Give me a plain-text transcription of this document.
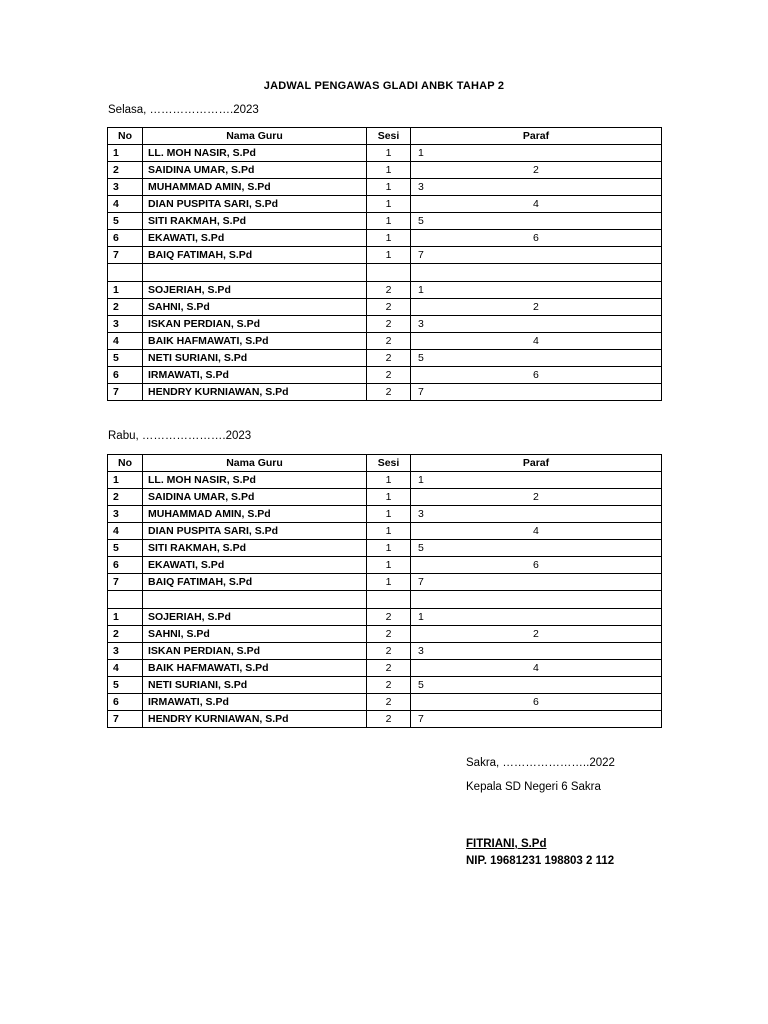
JADWAL PENGAWAS GLADI ANBK TAHAP 2
Selasa, ………………….2023
No	Nama Guru	Sesi	Paraf
1	LL. MOH NASIR, S.Pd	1	1

2	SAIDINA UMAR, S.Pd	1	2

3	MUHAMMAD AMIN, S.Pd	1	3

4	DIAN PUSPITA SARI, S.Pd	1	4

5	SITI RAKMAH, S.Pd	1	5

6	EKAWATI, S.Pd	1	6

7	BAIQ FATIMAH, S.Pd	1	7

1	SOJERIAH, S.Pd	2	1

2	SAHNI, S.Pd	2	2

3	ISKAN PERDIAN, S.Pd	2	3

4	BAIK HAFMAWATI, S.Pd	2	4

5	NETI SURIANI, S.Pd	2	5

6	IRMAWATI, S.Pd	2	6

7	HENDRY KURNIAWAN, S.Pd	2	7
Rabu, ………………….2023
No	Nama Guru	Sesi	Paraf
1	LL. MOH NASIR, S.Pd	1	1

2	SAIDINA UMAR, S.Pd	1	2

3	MUHAMMAD AMIN, S.Pd	1	3

4	DIAN PUSPITA SARI, S.Pd	1	4

5	SITI RAKMAH, S.Pd	1	5

6	EKAWATI, S.Pd	1	6

7	BAIQ FATIMAH, S.Pd	1	7

1	SOJERIAH, S.Pd	2	1

2	SAHNI, S.Pd	2	2

3	ISKAN PERDIAN, S.Pd	2	3

4	BAIK HAFMAWATI, S.Pd	2	4

5	NETI SURIANI, S.Pd	2	5

6	IRMAWATI, S.Pd	2	6

7	HENDRY KURNIAWAN, S.Pd	2	7
Sakra, …………………..2022
Kepala SD Negeri 6 Sakra
FITRIANI, S.Pd
NIP. 19681231 198803 2 112
